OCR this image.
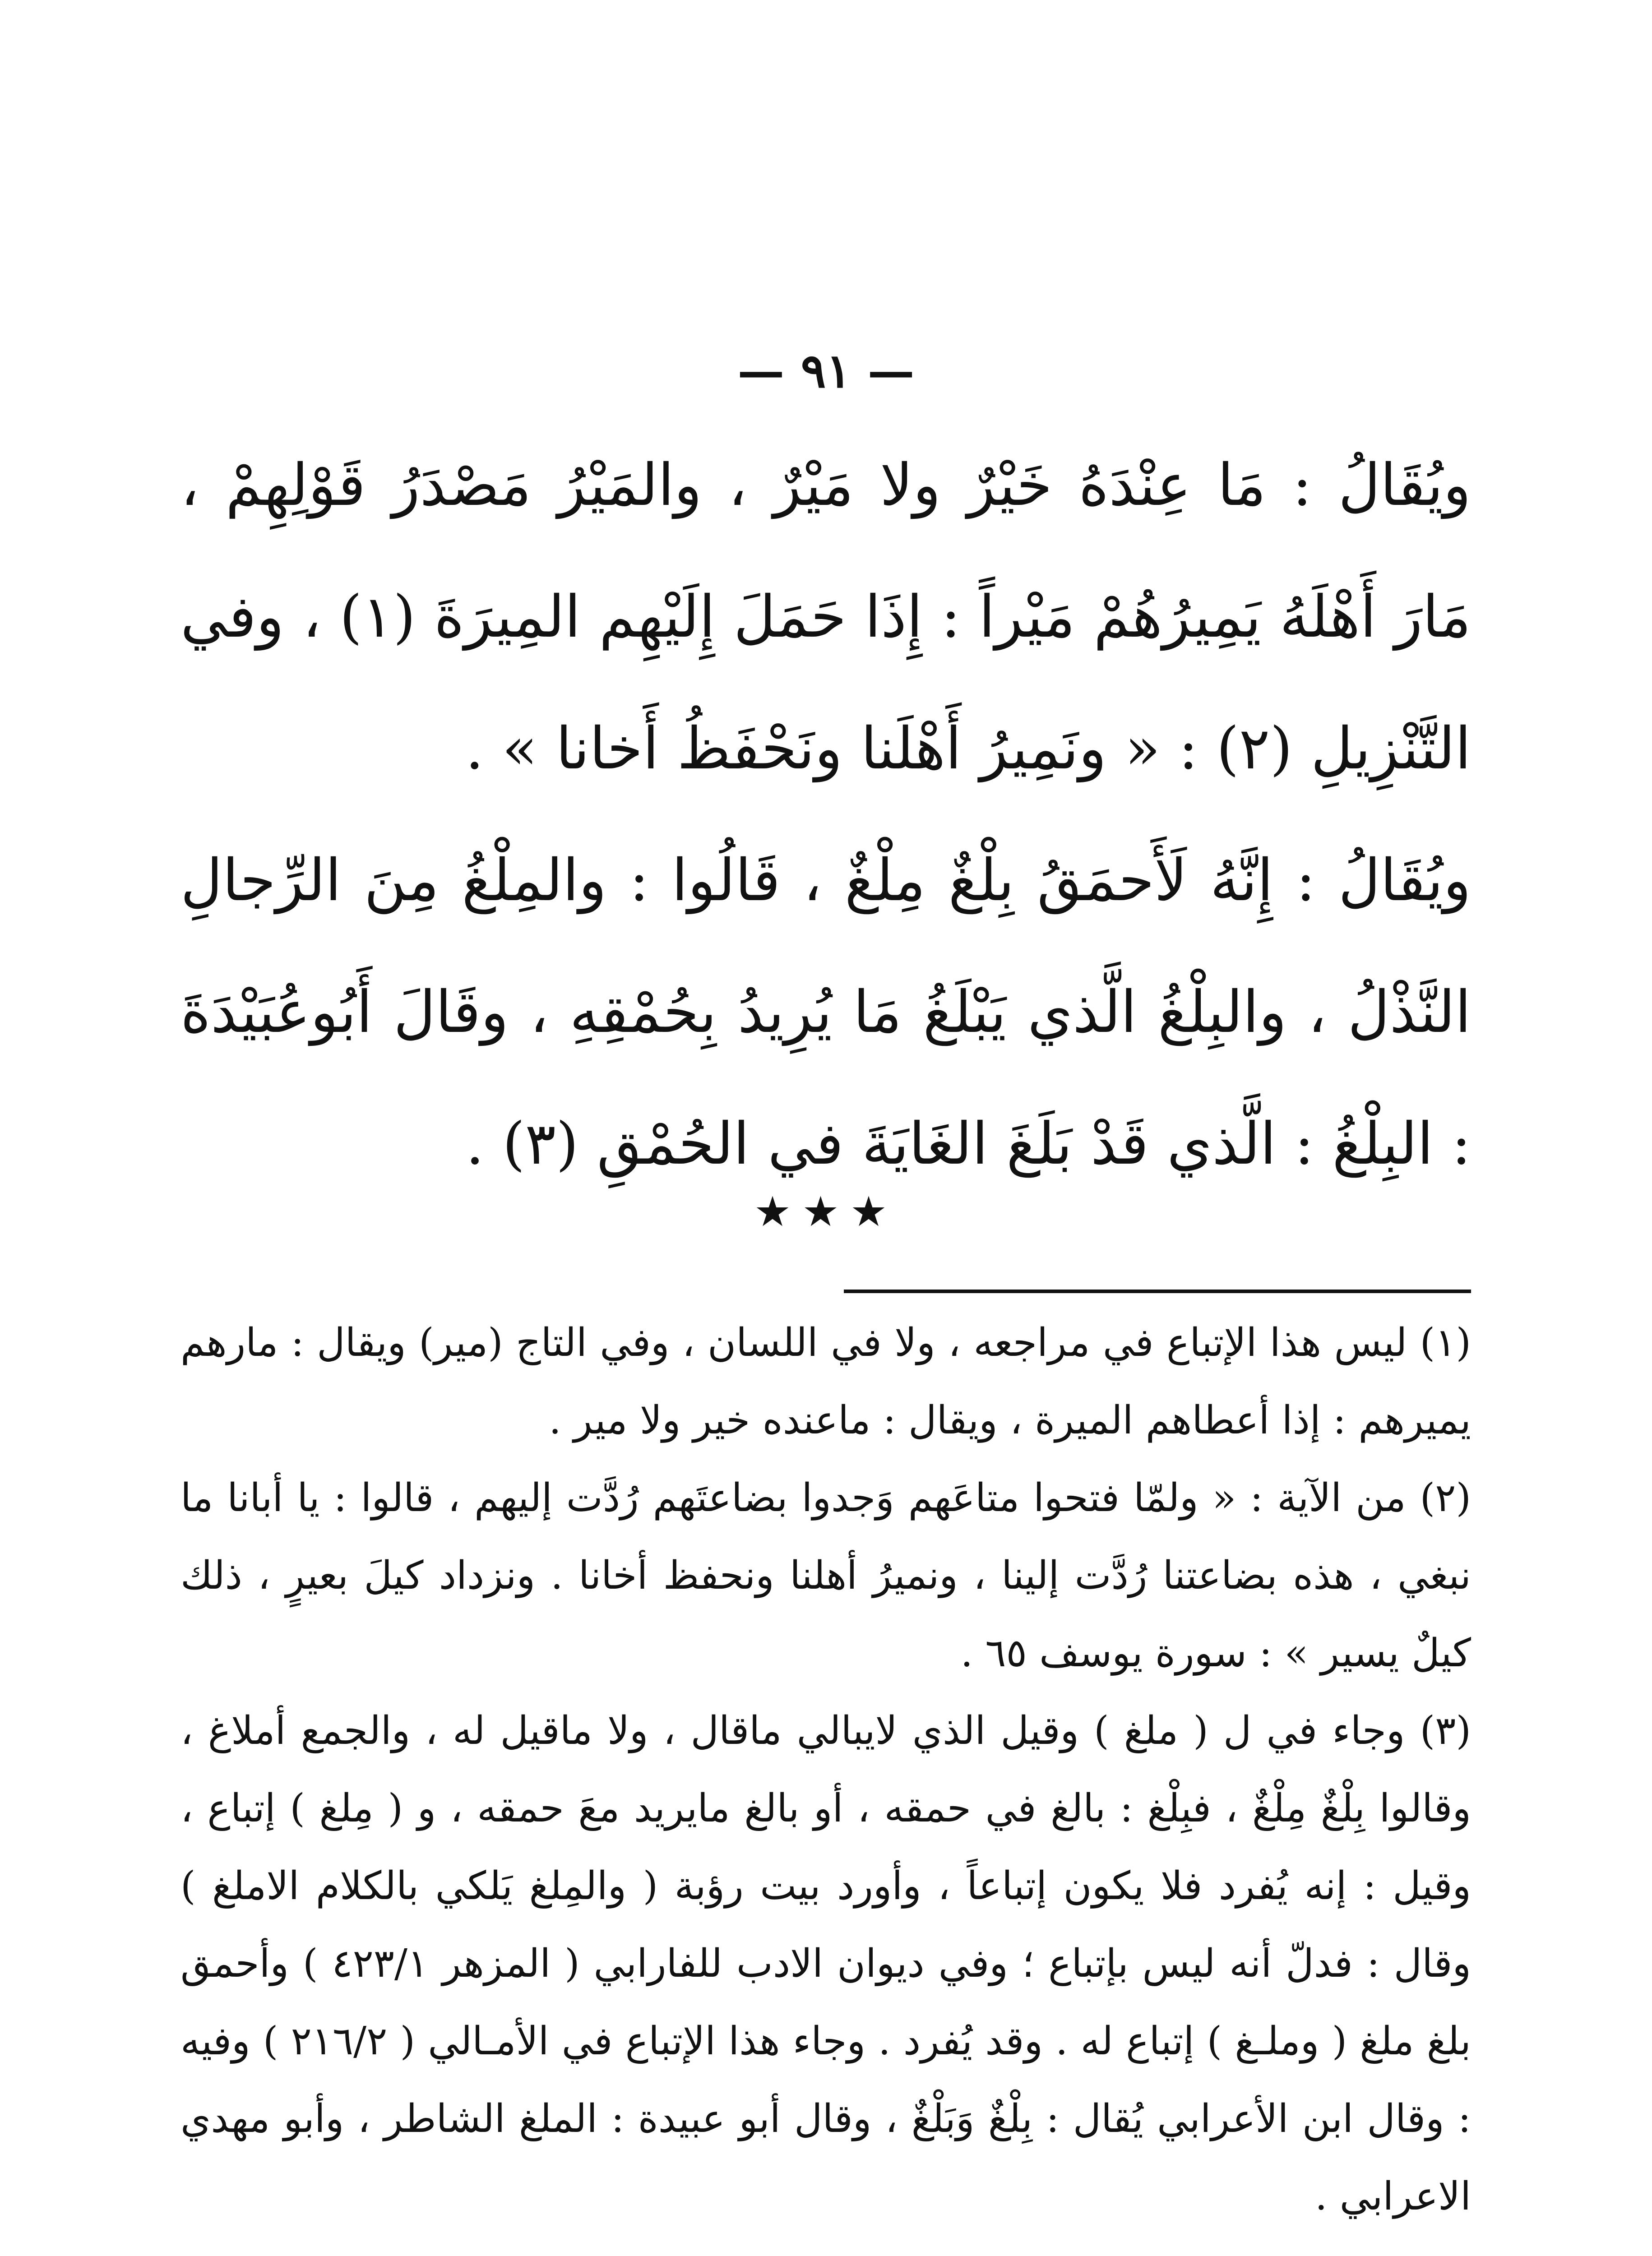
— ٩١ —

ويُقَالُ : مَا عِنْدَهُ خَيْرٌ ولا مَيْرٌ ، والمَيْرُ مَصْدَرُ قَوْلِهِمْ ، مَارَ أَهْلَهُ يَمِيرُهُمْ مَيْراً : إِذَا حَمَلَ إِلَيْهِم المِيرَةَ (١) ، وفي التَّنْزِيلِ (٢) : « ونَمِيرُ أَهْلَنا ونَحْفَظُ أَخانا » .

ويُقَالُ : إِنَّهُ لَأَحمَقُ بِلْغٌ مِلْغٌ ، قَالُوا : والمِلْغُ مِنَ الرِّجالِ النَّذْلُ ، والبِلْغُ الَّذي يَبْلَغُ مَا يُرِيدُ بِحُمْقِهِ ، وقَالَ أَبُوعُبَيْدَةَ : البِلْغُ : الَّذي قَدْ بَلَغَ الغَايَةَ في الحُمْقِ (٣) .

★★★

(١) ليس هذا الإتباع في مراجعه ، ولا في اللسان ، وفي التاج (مير) ويقال : مارهم يميرهم : إذا أعطاهم الميرة ، ويقال : ماعنده خير ولا مير .

(٢) من الآية : « ولمّا فتحوا متاعَهم وَجدوا بضاعتَهم رُدَّت إليهم ، قالوا : يا أبانا ما نبغي ، هذه بضاعتنا رُدَّت إلينا ، ونميرُ أهلنا ونحفظ أخانا . ونزداد كيلَ بعيرٍ ، ذلك كيلٌ يسير » : سورة يوسف ٦٥ .

(٣) وجاء في ل ( ملغ ) وقيل الذي لايبالي ماقال ، ولا ماقيل له ، والجمع أملاغ ، وقالوا بِلْغٌ مِلْغٌ ، فبِلْغ : بالغ في حمقه ، أو بالغ مايريد معَ حمقه ، و ( مِلغ ) إتباع ، وقيل : إنه يُفرد فلا يكون إتباعاً ، وأورد بيت رؤبة ( والمِلغ يَلكي بالكلام الاملغ ) وقال : فدلّ أنه ليس بإتباع ؛ وفي ديوان الادب للفارابي ( المزهر ٤٢٣/١ ) وأحمق بلغ ملغ ( وملـغ ) إتباع له . وقد يُفرد . وجاء هذا الإتباع في الأمـالي ( ٢١٦/٢ ) وفيه : وقال ابن الأعرابي يُقال : بِلْغٌ وَبَلْغٌ ، وقال أبو عبيدة : الملغ الشاطر ، وأبو مهدي الاعرابي .
